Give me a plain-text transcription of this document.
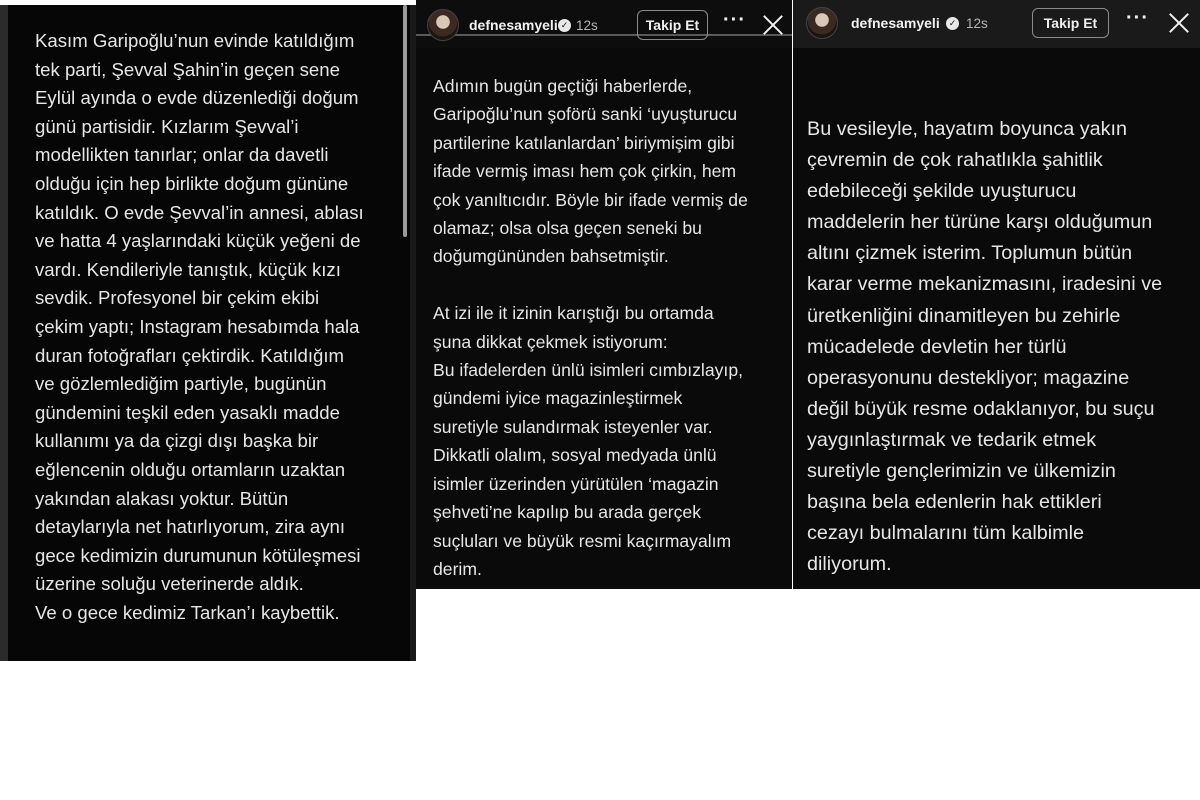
Kasım Garipoğlu’nun evinde katıldığım
tek parti, Şevval Şahin’in geçen sene
Eylül ayında o evde düzenlediği doğum
günü partisidir. Kızlarım Şevval’i
modellikten tanırlar; onlar da davetli
olduğu için hep birlikte doğum gününe
katıldık. O evde Şevval’in annesi, ablası
ve hatta 4 yaşlarındaki küçük yeğeni de
vardı. Kendileriyle tanıştık, küçük kızı
sevdik. Profesyonel bir çekim ekibi
çekim yaptı; Instagram hesabımda hala
duran fotoğrafları çektirdik. Katıldığım
ve gözlemlediğim partiyle, bugünün
gündemini teşkil eden yasaklı madde
kullanımı ya da çizgi dışı başka bir
eğlencenin olduğu ortamların uzaktan
yakından alakası yoktur. Bütün
detaylarıyla net hatırlıyorum, zira aynı
gece kedimizin durumunun kötüleşmesi
üzerine soluğu veterinerde aldık.
Ve o gece kedimiz Tarkan’ı kaybettik.
defnesamyeli ✓ 12s	Takip Et	···
Adımın bugün geçtiği haberlerde,
Garipoğlu’nun şoförü sanki ‘uyuşturucu
partilerine katılanlardan’ biriymişim gibi
ifade vermiş iması hem çok çirkin, hem
çok yanıltıcıdır. Böyle bir ifade vermiş de
olamaz; olsa olsa geçen seneki bu
doğumgününden bahsetmiştir.

At izi ile it izinin karıştığı bu ortamda
şuna dikkat çekmek istiyorum:
Bu ifadelerden ünlü isimleri cımbızlayıp,
gündemi iyice magazinleştirmek
suretiyle sulandırmak isteyenler var.
Dikkatli olalım, sosyal medyada ünlü
isimler üzerinden yürütülen ‘magazin
şehveti’ne kapılıp bu arada gerçek
suçluları ve büyük resmi kaçırmayalım
derim.
defnesamyeli	✓ 12s	Takip Et	···
Bu vesileyle, hayatım boyunca yakın
çevremin de çok rahatlıkla şahitlik
edebileceği şekilde uyuşturucu
maddelerin her türüne karşı olduğumun
altını çizmek isterim. Toplumun bütün
karar verme mekanizmasını, iradesini ve
üretkenliğini dinamitleyen bu zehirle
mücadelede devletin her türlü
operasyonunu destekliyor; magazine
değil büyük resme odaklanıyor, bu suçu
yaygınlaştırmak ve tedarik etmek
suretiyle gençlerimizin ve ülkemizin
başına bela edenlerin hak ettikleri
cezayı bulmalarını tüm kalbimle
diliyorum.
